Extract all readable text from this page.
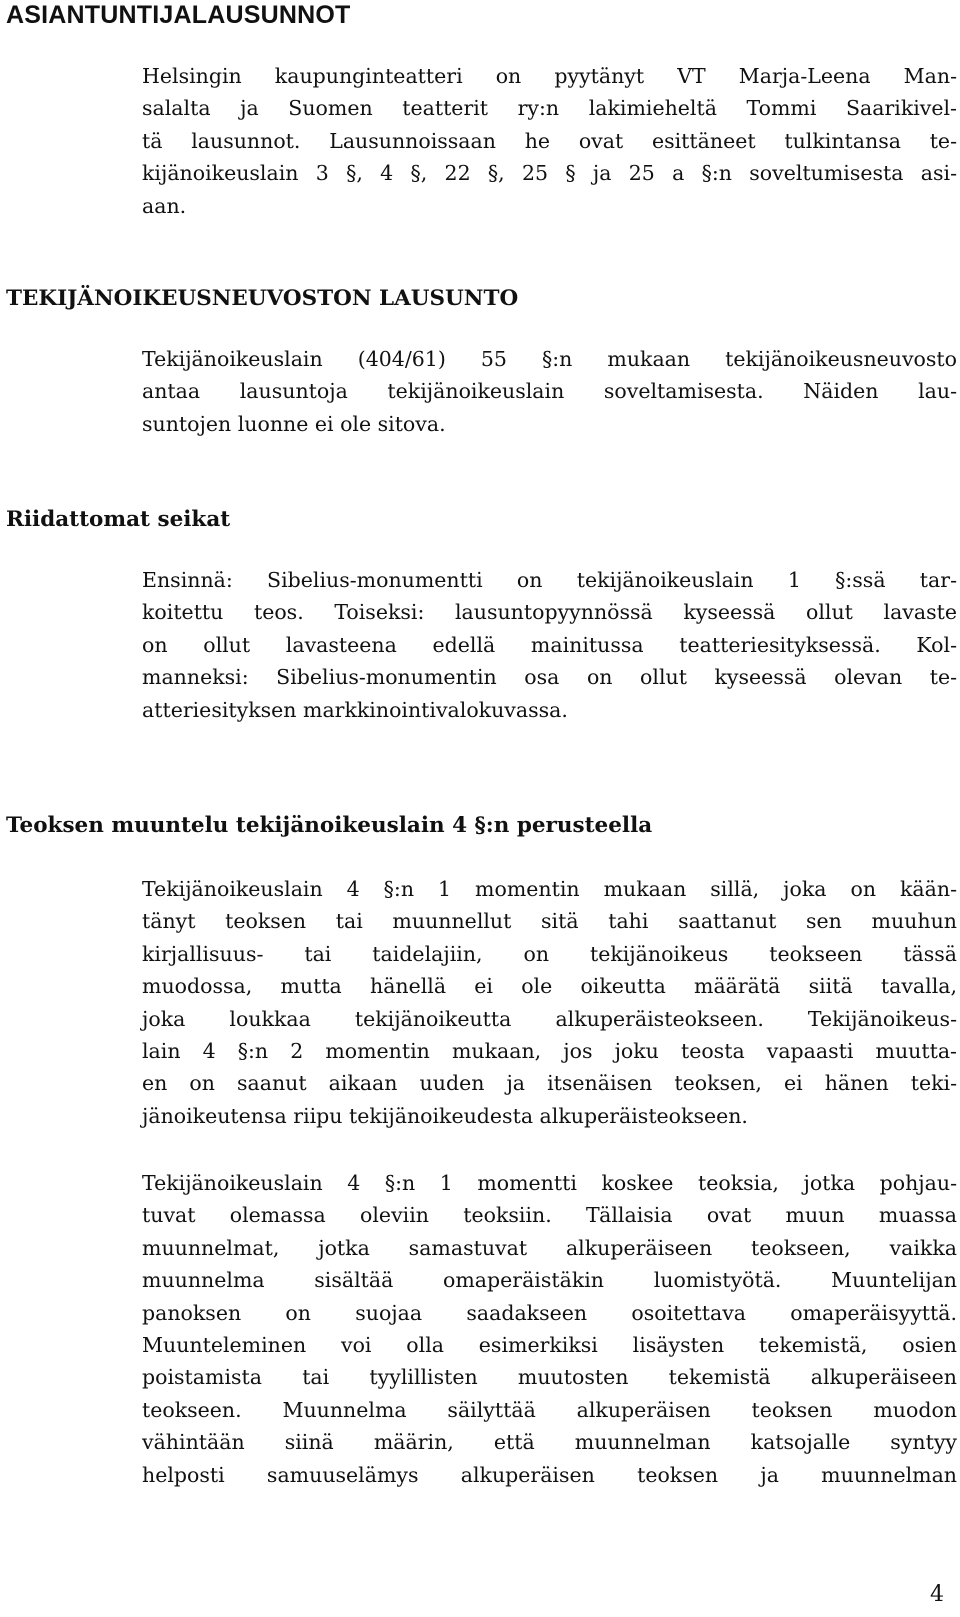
ASIANTUNTIJALAUSUNNOT

Helsingin kaupunginteatteri on pyytänyt VT Marja-Leena Man-
salalta ja Suomen teatterit ry:n lakimieheltä Tommi Saarikivel-
tä lausunnot. Lausunnoissaan he ovat esittäneet tulkintansa te-
kijänoikeuslain 3 §, 4 §, 22 §, 25 § ja 25 a §:n soveltumisesta asi-
aan.

TEKIJÄNOIKEUSNEUVOSTON LAUSUNTO

Tekijänoikeuslain (404/61) 55 §:n mukaan tekijänoikeusneuvosto
antaa lausuntoja tekijänoikeuslain soveltamisesta. Näiden lau-
suntojen luonne ei ole sitova.

Riidattomat seikat

Ensinnä: Sibelius-monumentti on tekijänoikeuslain 1 §:ssä tar-
koitettu teos. Toiseksi: lausuntopyynnössä kyseessä ollut lavaste
on ollut lavasteena edellä mainitussa teatteriesityksessä. Kol-
manneksi: Sibelius-monumentin osa on ollut kyseessä olevan te-
atteriesityksen markkinointivalokuvassa.

Teoksen muuntelu tekijänoikeuslain 4 §:n perusteella

Tekijänoikeuslain 4 §:n 1 momentin mukaan sillä, joka on kään-
tänyt teoksen tai muunnellut sitä tahi saattanut sen muuhun
kirjallisuus- tai taidelajiin, on tekijänoikeus teokseen tässä
muodossa, mutta hänellä ei ole oikeutta määrätä siitä tavalla,
joka loukkaa tekijänoikeutta alkuperäisteokseen. Tekijänoikeus-
lain 4 §:n 2 momentin mukaan, jos joku teosta vapaasti muutta-
en on saanut aikaan uuden ja itsenäisen teoksen, ei hänen teki-
jänoikeutensa riipu tekijänoikeudesta alkuperäisteokseen.

Tekijänoikeuslain 4 §:n 1 momentti koskee teoksia, jotka pohjau-
tuvat olemassa oleviin teoksiin. Tällaisia ovat muun muassa
muunnelmat, jotka samastuvat alkuperäiseen teokseen, vaikka
muunnelma sisältää omaperäistäkin luomistyötä. Muuntelijan
panoksen on suojaa saadakseen osoitettava omaperäisyyttä.
Muunteleminen voi olla esimerkiksi lisäysten tekemistä, osien
poistamista tai tyylillisten muutosten tekemistä alkuperäiseen
teokseen. Muunnelma säilyttää alkuperäisen teoksen muodon
vähintään siinä määrin, että muunnelman katsojalle syntyy
helposti samuuselämys alkuperäisen teoksen ja muunnelman

4
